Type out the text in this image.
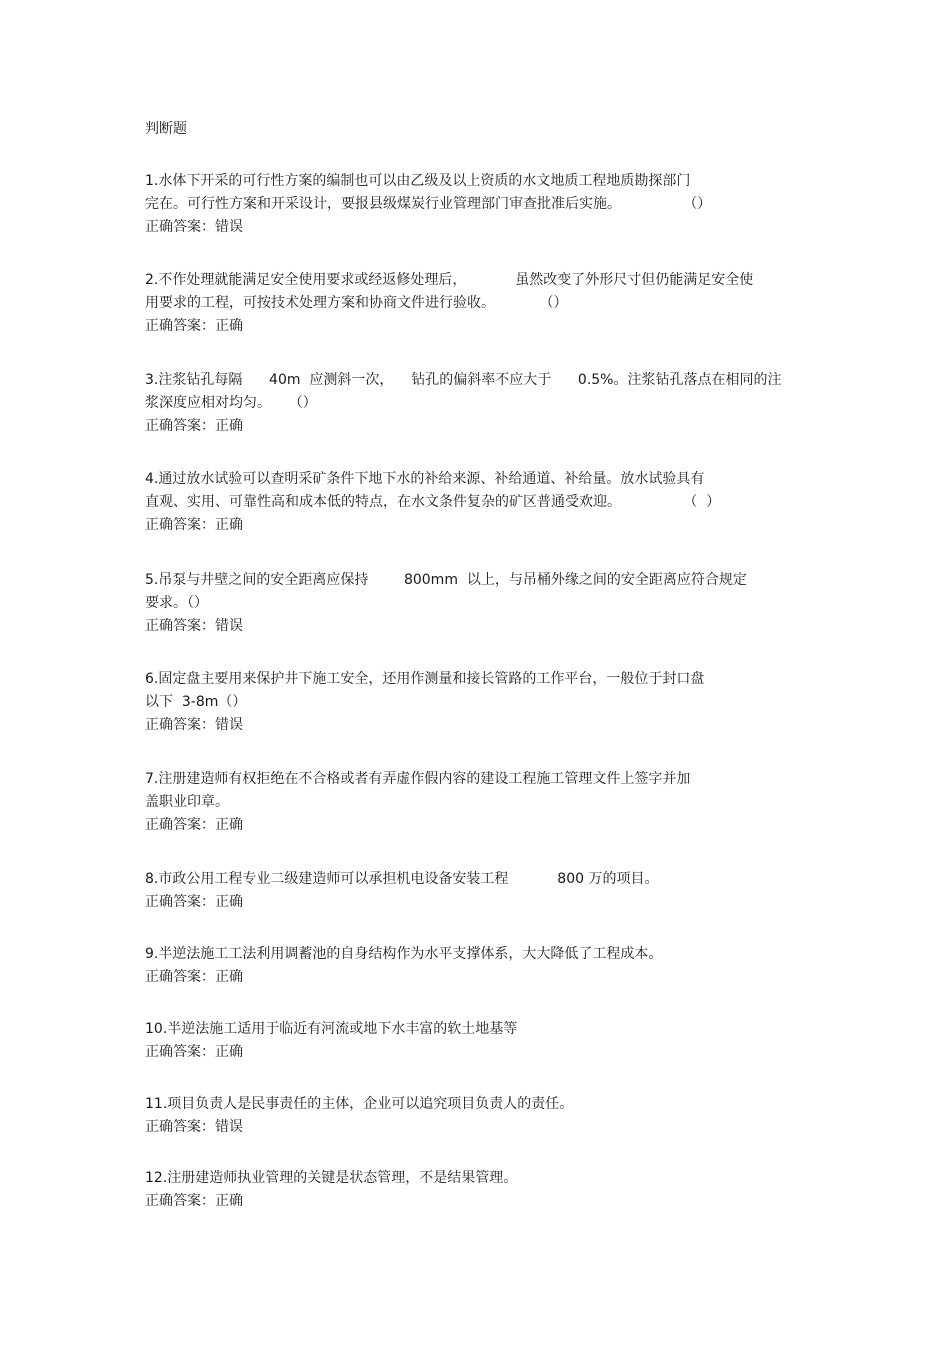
判断题
1.水体下开采的可行性方案的编制也可以由乙级及以上资质的水文地质工程地质勘探部门
完在。可行性方案和开采设计，要报县级煤炭行业管理部门审查批准后实施。              （）
正确答案：错误
2.不作处理就能满足安全使用要求或经返修处理后，           虽然改变了外形尺寸但仍能满足安全使
用要求的工程，可按技术处理方案和协商文件进行验收。          （）
正确答案：正确
3.注浆钻孔每隔      40m  应测斜一次，    钻孔的偏斜率不应大于      0.5%。注浆钻孔落点在相同的注
浆深度应相对均匀。    （）
正确答案：正确
4.通过放水试验可以查明采矿条件下地下水的补给来源、补给通道、补给量。放水试验具有
直观、实用、可靠性高和成本低的特点，在水文条件复杂的矿区普通受欢迎。              （  ）
正确答案：正确
5.吊泵与井壁之间的安全距离应保持        800mm  以上，与吊桶外缘之间的安全距离应符合规定
要求。（）
正确答案：错误
6.固定盘主要用来保护井下施工安全，还用作测量和接长管路的工作平台，一般位于封口盘
以下  3-8m（）
正确答案：错误
7.注册建造师有权拒绝在不合格或者有弄虚作假内容的建设工程施工管理文件上签字并加
盖职业印章。
正确答案：正确
8.市政公用工程专业二级建造师可以承担机电设备安装工程           800 万的项目。
正确答案：正确
9.半逆法施工工法利用调蓄池的自身结构作为水平支撑体系，大大降低了工程成本。
正确答案：正确
10.半逆法施工适用于临近有河流或地下水丰富的软土地基等
正确答案：正确
11.项目负责人是民事责任的主体，企业可以追究项目负责人的责任。
正确答案：错误
12.注册建造师执业管理的关键是状态管理，不是结果管理。
正确答案：正确
